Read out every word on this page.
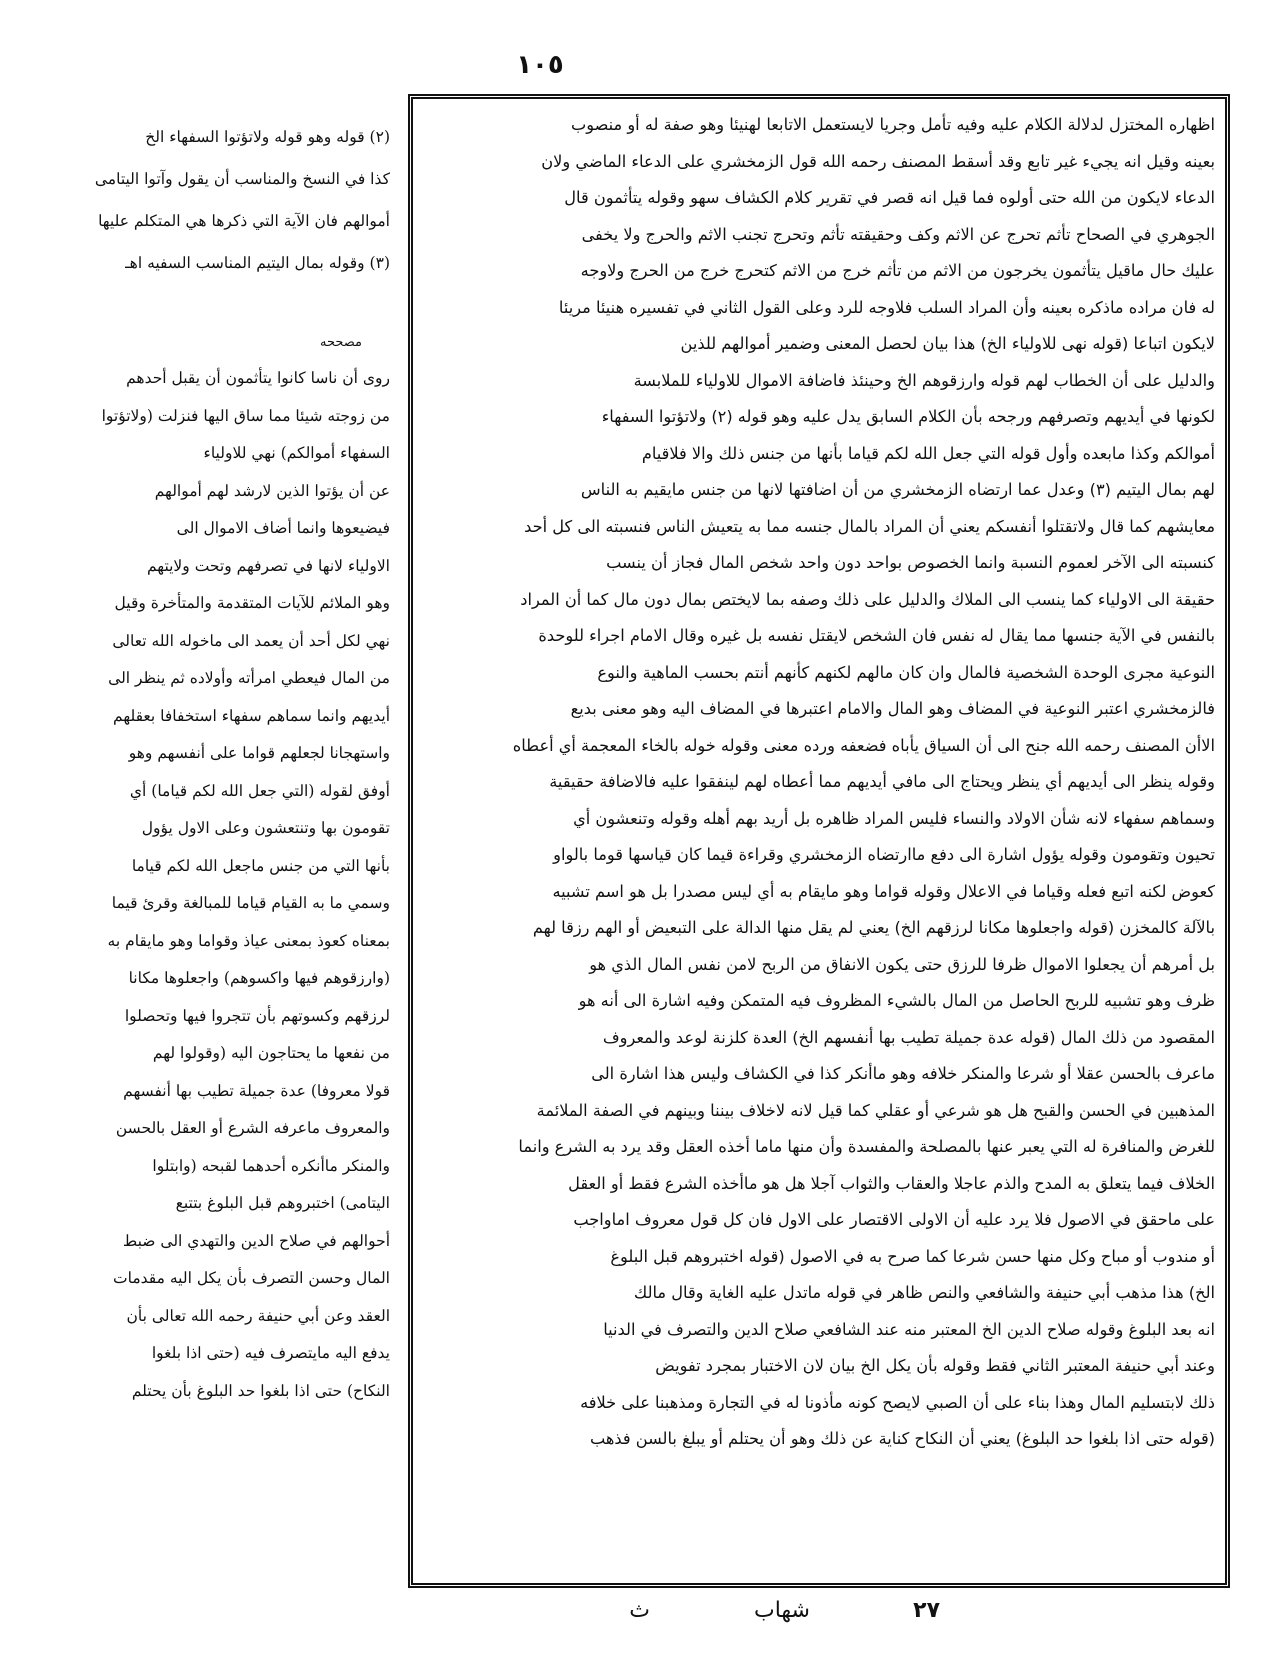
١٠٥
اظهاره المختزل لدلالة الكلام عليه وفيه تأمل وجريا لايستعمل الاتابعا لهنيئا وهو صفة له أو منصوب
بعينه وقيل انه يجيء غير تابع وقد أسقط المصنف رحمه الله قول الزمخشري على الدعاء الماضي ولان
الدعاء لايكون من الله حتى أولوه فما قيل انه قصر في تقرير كلام الكشاف سهو وقوله يتأثمون قال
الجوهري في الصحاح تأثم تحرج عن الاثم وكف وحقيقته تأثم وتحرج تجنب الاثم والحرج ولا يخفى
عليك حال ماقيل يتأثمون يخرجون من الاثم من تأثم خرج من الاثم كتحرج خرج من الحرج ولاوجه
له فان مراده ماذكره بعينه وأن المراد السلب فلاوجه للرد وعلى القول الثاني في تفسيره هنيئا مريئا
لايكون اتباعا (قوله نهى للاولياء الخ) هذا بيان لحصل المعنى وضمير أموالهم للذين
والدليل على أن الخطاب لهم قوله وارزقوهم الخ وحينئذ فاضافة الاموال للاولياء للملابسة
لكونها في أيديهم وتصرفهم ورجحه بأن الكلام السابق يدل عليه وهو قوله (٢) ولاتؤتوا السفهاء
أموالكم وكذا مابعده وأول قوله التي جعل الله لكم قياما بأنها من جنس ذلك والا فلاقيام
لهم بمال اليتيم (٣) وعدل عما ارتضاه الزمخشري من أن اضافتها لانها من جنس مايقيم به الناس
معايشهم كما قال ولاتقتلوا أنفسكم يعني أن المراد بالمال جنسه مما به يتعيش الناس فنسبته الى كل أحد
كنسبته الى الآخر لعموم النسبة وانما الخصوص بواحد دون واحد شخص المال فجاز أن ينسب
حقيقة الى الاولياء كما ينسب الى الملاك والدليل على ذلك وصفه بما لايختص بمال دون مال كما أن المراد
بالنفس في الآية جنسها مما يقال له نفس فان الشخص لايقتل نفسه بل غيره وقال الامام اجراء للوحدة
النوعية مجرى الوحدة الشخصية فالمال وان كان مالهم لكنهم كأنهم أنتم بحسب الماهية والنوع
فالزمخشري اعتبر النوعية في المضاف وهو المال والامام اعتبرها في المضاف اليه وهو معنى بديع
الاأن المصنف رحمه الله جنح الى أن السياق يأباه فضعفه ورده معنى وقوله خوله بالخاء المعجمة أي أعطاه
وقوله ينظر الى أيديهم أي ينظر ويحتاج الى مافي أيديهم مما أعطاه لهم لينفقوا عليه فالاضافة حقيقية
وسماهم سفهاء لانه شأن الاولاد والنساء فليس المراد ظاهره بل أريد بهم أهله وقوله وتنعشون أي
تحيون وتقومون وقوله يؤول اشارة الى دفع ماارتضاه الزمخشري وقراءة قيما كان قياسها قوما بالواو
كعوض لكنه اتبع فعله وقياما في الاعلال وقوله قواما وهو مايقام به أي ليس مصدرا بل هو اسم تشبيه
بالآلة كالمخزن (قوله واجعلوها مكانا لرزقهم الخ) يعني لم يقل منها الدالة على التبعيض أو الهم رزقا لهم
بل أمرهم أن يجعلوا الاموال ظرفا للرزق حتى يكون الانفاق من الربح لامن نفس المال الذي هو
ظرف وهو تشبيه للربح الحاصل من المال بالشيء المظروف فيه المتمكن وفيه اشارة الى أنه هو
المقصود من ذلك المال (قوله عدة جميلة تطيب بها أنفسهم الخ) العدة كلزنة لوعد والمعروف
ماعرف بالحسن عقلا أو شرعا والمنكر خلافه وهو ماأنكر كذا في الكشاف وليس هذا اشارة الى
المذهبين في الحسن والقبح هل هو شرعي أو عقلي كما قيل لانه لاخلاف بيننا وبينهم في الصفة الملائمة
للغرض والمنافرة له التي يعبر عنها بالمصلحة والمفسدة وأن منها ماما أخذه العقل وقد يرد به الشرع وانما
الخلاف فيما يتعلق به المدح والذم عاجلا والعقاب والثواب آجلا هل هو ماأخذه الشرع فقط أو العقل
على ماحقق في الاصول فلا يرد عليه أن الاولى الاقتصار على الاول فان كل قول معروف اماواجب
أو مندوب أو مباح وكل منها حسن شرعا كما صرح به في الاصول (قوله اختبروهم قبل البلوغ
الخ) هذا مذهب أبي حنيفة والشافعي والنص ظاهر في قوله ماتدل عليه الغاية وقال مالك
انه بعد البلوغ وقوله صلاح الدين الخ المعتبر منه عند الشافعي صلاح الدين والتصرف في الدنيا
وعند أبي حنيفة المعتبر الثاني فقط وقوله بأن يكل الخ بيان لان الاختبار بمجرد تفويض
ذلك لابتسليم المال وهذا بناء على أن الصبي لايصح كونه مأذونا له في التجارة ومذهبنا على خلافه
(قوله حتى اذا بلغوا حد البلوغ) يعني أن النكاح كناية عن ذلك وهو أن يحتلم أو يبلغ بالسن فذهب
(٢) قوله وهو قوله ولاتؤتوا السفهاء الخ
كذا في النسخ والمناسب أن يقول وآتوا اليتامى
أموالهم فان الآية التي ذكرها هي المتكلم عليها
(٣) وقوله بمال اليتيم المناسب السفيه اهـ
مصححه
روى أن ناسا كانوا يتأثمون أن يقبل أحدهم
من زوجته شيئا مما ساق اليها فنزلت (ولاتؤتوا
السفهاء أموالكم) نهي للاولياء
عن أن يؤتوا الذين لارشد لهم أموالهم
فيضيعوها وانما أضاف الاموال الى
الاولياء لانها في تصرفهم وتحت ولايتهم
وهو الملائم للآيات المتقدمة والمتأخرة وقيل
نهي لكل أحد أن يعمد الى ماخوله الله تعالى
من المال فيعطي امرأته وأولاده ثم ينظر الى
أيديهم وانما سماهم سفهاء استخفافا بعقلهم
واستهجانا لجعلهم قواما على أنفسهم وهو
أوفق لقوله (التي جعل الله لكم قياما) أي
تقومون بها وتنتعشون وعلى الاول يؤول
بأنها التي من جنس ماجعل الله لكم قياما
وسمي ما به القيام قياما للمبالغة وقرئ قيما
بمعناه كعوذ بمعنى عياذ وقواما وهو مايقام به
(وارزقوهم فيها واكسوهم) واجعلوها مكانا
لرزقهم وكسوتهم بأن تتجروا فيها وتحصلوا
من نفعها ما يحتاجون اليه (وقولوا لهم
قولا معروفا) عدة جميلة تطيب بها أنفسهم
والمعروف ماعرفه الشرع أو العقل بالحسن
والمنكر ماأنكره أحدهما لقبحه (وابتلوا
اليتامى) اختبروهم قبل البلوغ بتتبع
أحوالهم في صلاح الدين والتهدي الى ضبط
المال وحسن التصرف بأن يكل اليه مقدمات
العقد وعن أبي حنيفة رحمه الله تعالى بأن
يدفع اليه مايتصرف فيه (حتى اذا بلغوا
النكاح) حتى اذا بلغوا حد البلوغ بأن يحتلم
٢٧
شهاب
ث
